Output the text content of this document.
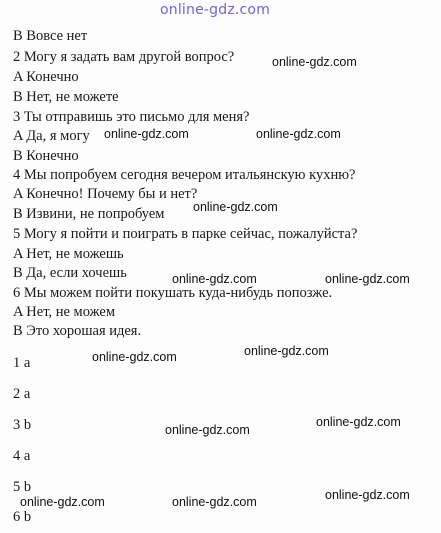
online-gdz.com
B Вовсе нет
2 Могу я задать вам другой вопрос?
A Конечно
B Нет, не можете
3 Ты отправишь это письмо для меня?
A Да, я могу
B Конечно
4 Мы попробуем сегодня вечером итальянскую кухню?
A Конечно! Почему бы и нет?
B Извини, не попробуем
5 Могу я пойти и поиграть в парке сейчас, пожалуйста?
A Нет, не можешь
B Да, если хочешь
6 Мы можем пойти покушать куда-нибудь попозже.
A Нет, не можем
B Это хорошая идея.
1 a
2 a
3 b
4 a
5 b
6 b
online-gdz.com
online-gdz.com	online-gdz.com
online-gdz.com
online-gdz.com	online-gdz.com
online-gdz.com	online-gdz.com
online-gdz.com
online-gdz.com
online-gdz.com	online-gdz.com	online-gdz.com
